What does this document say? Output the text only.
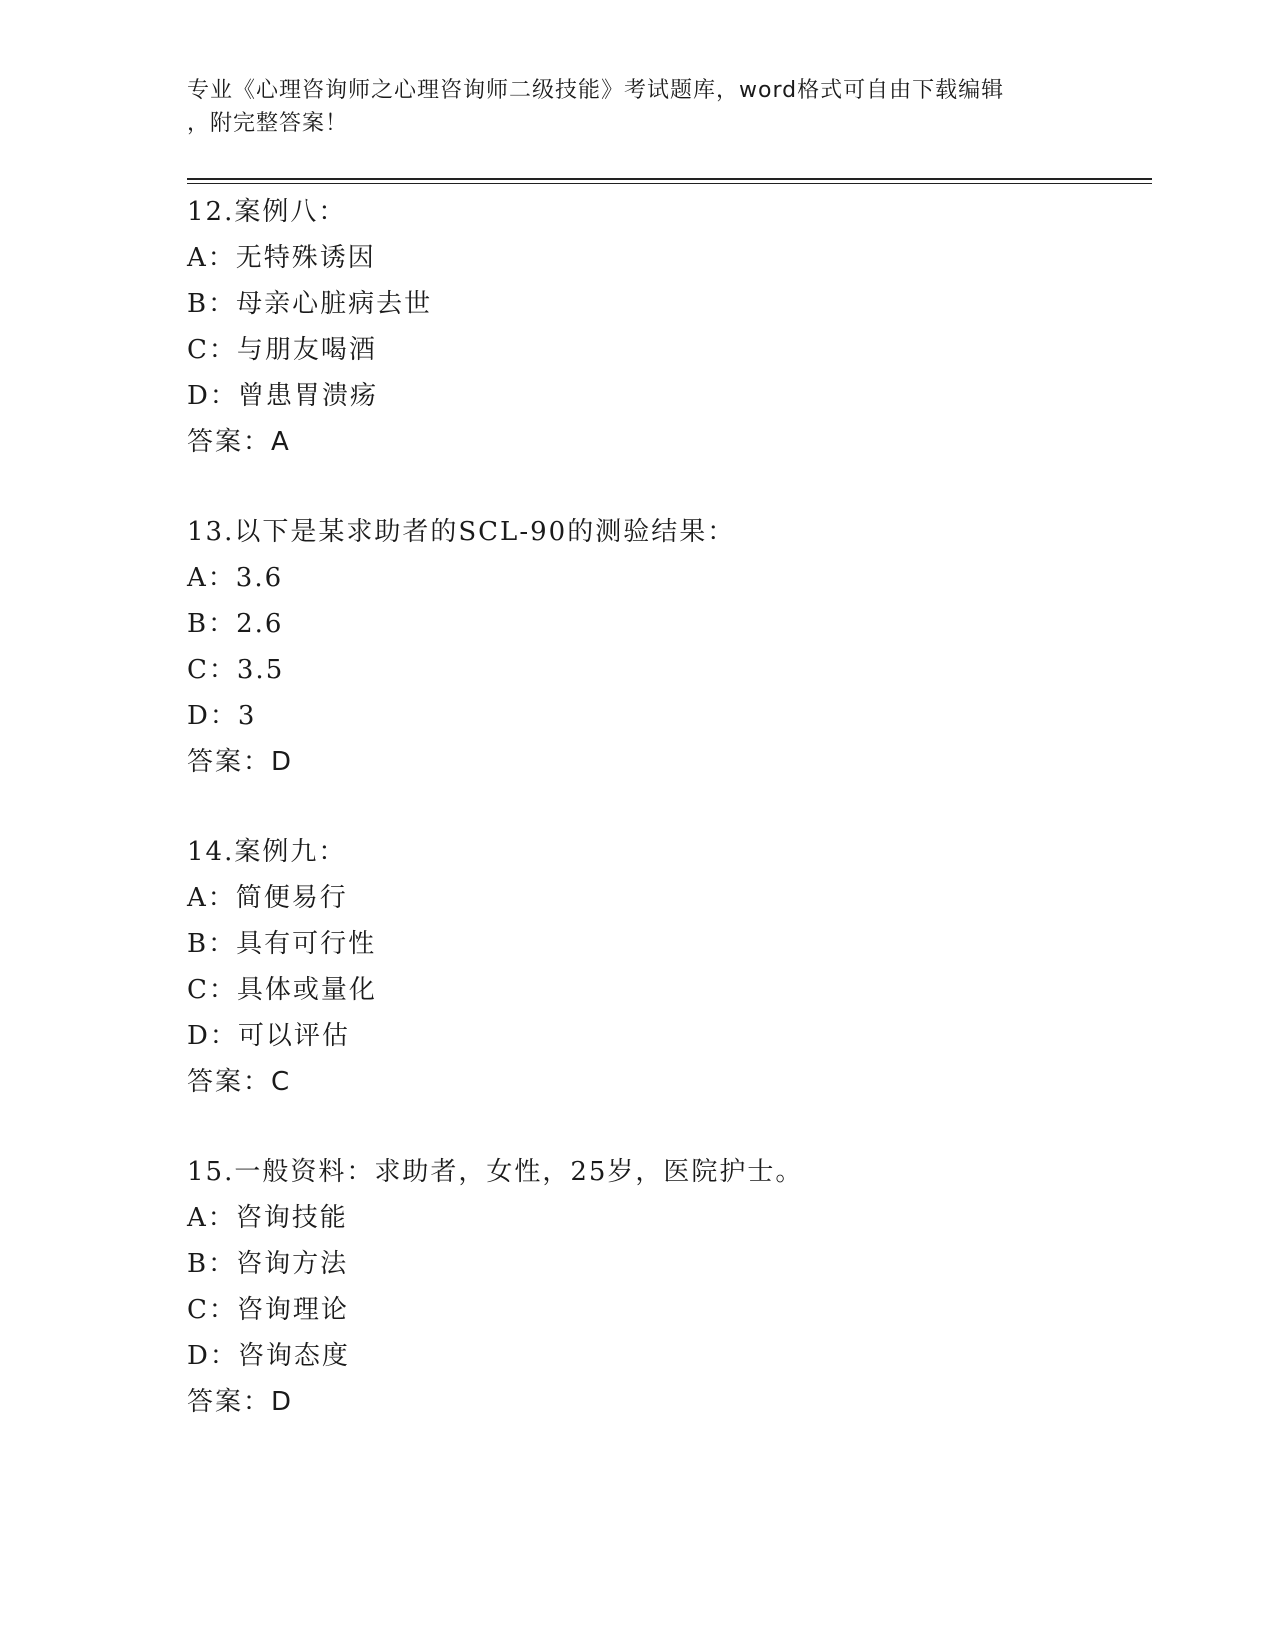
专业《心理咨询师之心理咨询师二级技能》考试题库，word格式可自由下载编辑
，附完整答案！
12.案例八：
A：无特殊诱因
B：母亲心脏病去世
C：与朋友喝酒
D：曾患胃溃疡
答案：A
13.以下是某求助者的SCL-90的测验结果：
A：3.6
B：2.6
C：3.5
D：3
答案：D
14.案例九：
A：简便易行
B：具有可行性
C：具体或量化
D：可以评估
答案：C
15.一般资料：求助者，女性，25岁，医院护士。
A：咨询技能
B：咨询方法
C：咨询理论
D：咨询态度
答案：D
